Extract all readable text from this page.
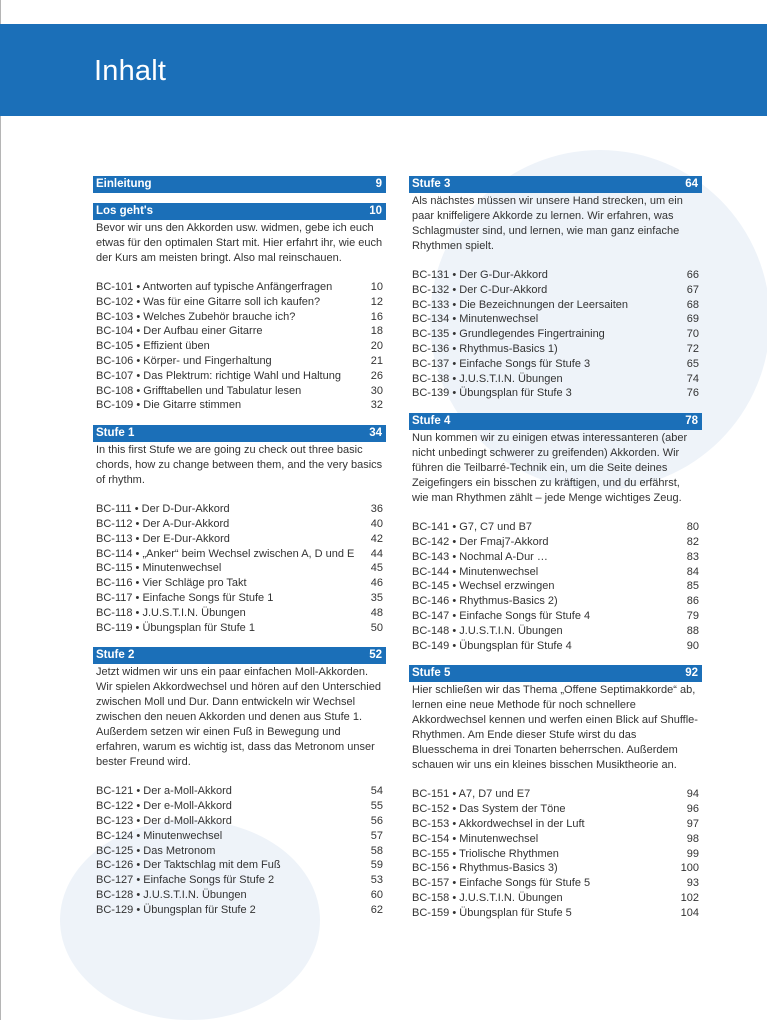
Inhalt
Einleitung	9
Los geht's	10
Bevor wir uns den Akkorden usw. widmen, gebe ich euch etwas für den optimalen Start mit. Hier erfahrt ihr, wie euch der Kurs am meisten bringt. Also mal reinschauen.
BC-101 • Antworten auf typische Anfängerfragen	10
BC-102 • Was für eine Gitarre soll ich kaufen?	12
BC-103 • Welches Zubehör brauche ich?	16
BC-104 • Der Aufbau einer Gitarre	18
BC-105 • Effizient üben	20
BC-106 • Körper- und Fingerhaltung	21
BC-107 • Das Plektrum: richtige Wahl und Haltung	26
BC-108 • Grifftabellen und Tabulatur lesen	30
BC-109 • Die Gitarre stimmen	32
Stufe 1	34
In this first Stufe we are going zu check out three basic chords, how zu change between them, and the very basics of rhythm.
BC-111 • Der D-Dur-Akkord	36
BC-112 • Der A-Dur-Akkord	40
BC-113 • Der E-Dur-Akkord	42
BC-114 • „Anker“ beim Wechsel zwischen A, D und E	44
BC-115 • Minutenwechsel	45
BC-116 • Vier Schläge pro Takt	46
BC-117 • Einfache Songs für Stufe 1	35
BC-118 • J.U.S.T.I.N. Übungen	48
BC-119 • Übungsplan für Stufe 1	50
Stufe 2	52
Jetzt widmen wir uns ein paar einfachen Moll-Akkorden. Wir spielen Akkordwechsel und hören auf den Unterschied zwischen Moll und Dur. Dann entwickeln wir Wechsel zwischen den neuen Akkorden und denen aus Stufe 1. Außerdem setzen wir einen Fuß in Bewegung und erfahren, warum es wichtig ist, dass das Metronom unser bester Freund wird.
BC-121 • Der a-Moll-Akkord	54
BC-122 • Der e-Moll-Akkord	55
BC-123 • Der d-Moll-Akkord	56
BC-124 • Minutenwechsel	57
BC-125 • Das Metronom	58
BC-126 • Der Taktschlag mit dem Fuß	59
BC-127 • Einfache Songs für Stufe 2	53
BC-128 • J.U.S.T.I.N. Übungen	60
BC-129 • Übungsplan für Stufe 2	62
Stufe 3	64
Als nächstes müssen wir unsere Hand strecken, um ein paar kniffeligere Akkorde zu lernen. Wir erfahren, was Schlagmuster sind, und lernen, wie man ganz einfache Rhythmen spielt.
BC-131 • Der G-Dur-Akkord	66
BC-132 • Der C-Dur-Akkord	67
BC-133 • Die Bezeichnungen der Leersaiten	68
BC-134 • Minutenwechsel	69
BC-135 • Grundlegendes Fingertraining	70
BC-136 • Rhythmus-Basics 1)	72
BC-137 • Einfache Songs für Stufe 3	65
BC-138 • J.U.S.T.I.N. Übungen	74
BC-139 • Übungsplan für Stufe 3	76
Stufe 4	78
Nun kommen wir zu einigen etwas interessanteren (aber nicht unbedingt schwerer zu greifenden) Akkorden. Wir führen die Teilbarré-Technik ein, um die Seite deines Zeigefingers ein bisschen zu kräftigen, und du erfährst, wie man Rhythmen zählt – jede Menge wichtiges Zeug.
BC-141 • G7, C7 und B7	80
BC-142 • Der Fmaj7-Akkord	82
BC-143 • Nochmal A-Dur …	83
BC-144 • Minutenwechsel	84
BC-145 • Wechsel erzwingen	85
BC-146 • Rhythmus-Basics 2)	86
BC-147 • Einfache Songs für Stufe 4	79
BC-148 • J.U.S.T.I.N. Übungen	88
BC-149 • Übungsplan für Stufe 4	90
Stufe 5	92
Hier schließen wir das Thema „Offene Septimakkorde“ ab, lernen eine neue Methode für noch schnellere Akkordwechsel kennen und werfen einen Blick auf Shuffle-Rhythmen. Am Ende dieser Stufe wirst du das Bluesschema in drei Tonarten beherrschen. Außerdem schauen wir uns ein kleines bisschen Musiktheorie an.
BC-151 • A7, D7 und E7	94
BC-152 • Das System der Töne	96
BC-153 • Akkordwechsel in der Luft	97
BC-154 • Minutenwechsel	98
BC-155 • Triolische Rhythmen	99
BC-156 • Rhythmus-Basics 3)	100
BC-157 • Einfache Songs für Stufe 5	93
BC-158 • J.U.S.T.I.N. Übungen	102
BC-159 • Übungsplan für Stufe 5	104
